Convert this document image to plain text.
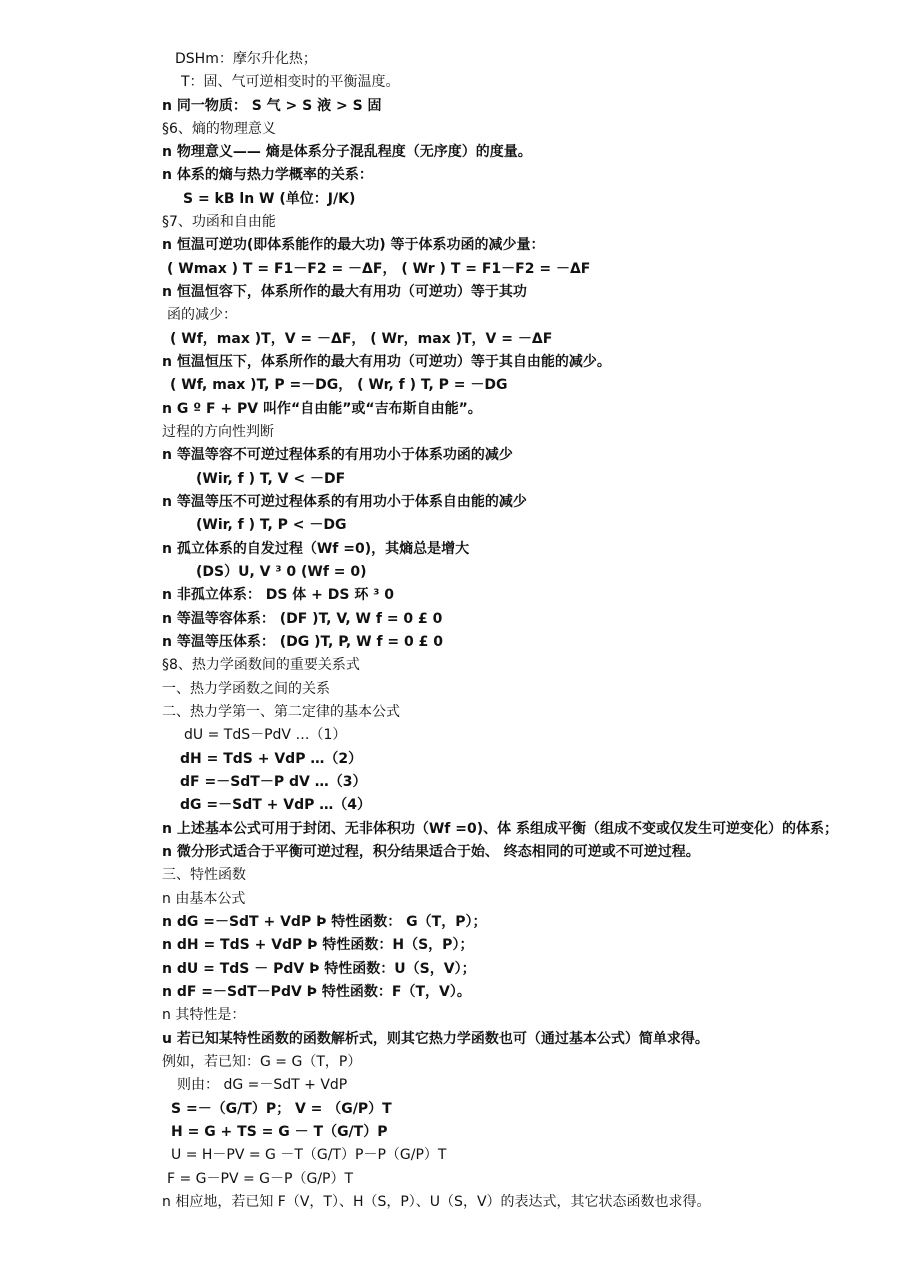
DSHm：摩尔升化热；
T：固、气可逆相变时的平衡温度。
n 同一物质： S 气 > S 液 > S 固
§6、熵的物理意义
n 物理意义—— 熵是体系分子混乱程度（无序度）的度量。
n 体系的熵与热力学概率的关系：
S = kB ln W (单位：J/K)
§7、功函和自由能
n 恒温可逆功(即体系能作的最大功) 等于体系功函的减少量：
( Wmax ) T = F1－F2 = －ΔF， ( Wr ) T = F1－F2 = －ΔF
n 恒温恒容下，体系所作的最大有用功（可逆功）等于其功
函的减少：
( Wf，max )T，V = －ΔF， ( Wr，max )T，V = －ΔF
n 恒温恒压下，体系所作的最大有用功（可逆功）等于其自由能的减少。
( Wf, max )T, P =－DG， ( Wr, f ) T, P = －DG
n G º F + PV 叫作“自由能”或“吉布斯自由能”。
过程的方向性判断
n 等温等容不可逆过程体系的有用功小于体系功函的减少
(Wir, f ) T, V < －DF
n 等温等压不可逆过程体系的有用功小于体系自由能的减少
(Wir, f ) T, P < －DG
n 孤立体系的自发过程（Wf =0)，其熵总是增大
(DS）U, V ³ 0 (Wf = 0)
n 非孤立体系： DS 体 + DS 环 ³ 0
n 等温等容体系： (DF )T, V, W f = 0 £ 0
n 等温等压体系： (DG )T, P, W f = 0 £ 0
§8、热力学函数间的重要关系式
一、热力学函数之间的关系
二、热力学第一、第二定律的基本公式
dU = TdS－PdV …（1）
dH = TdS + VdP …（2）
dF =－SdT－P dV …（3）
dG =－SdT + VdP …（4）
n 上述基本公式可用于封闭、无非体积功（Wf =0)、体 系组成平衡（组成不变或仅发生可逆变化）的体系；
n 微分形式适合于平衡可逆过程，积分结果适合于始、 终态相同的可逆或不可逆过程。
三、特性函数
n 由基本公式
n dG =－SdT + VdP Þ 特性函数： G（T，P）；
n dH = TdS + VdP Þ 特性函数：H（S，P）；
n dU = TdS － PdV Þ 特性函数：U（S，V）；
n dF =－SdT－PdV Þ 特性函数：F（T，V）。
n 其特性是：
u 若已知某特性函数的函数解析式，则其它热力学函数也可（通过基本公式）简单求得。
例如，若已知：G = G（T，P）
则由： dG =－SdT + VdP
S =－（G/T）P； V = （G/P）T
H = G + TS = G － T（G/T）P
U = H－PV = G －T（G/T）P－P（G/P）T
F = G－PV = G－P（G/P）T
n 相应地，若已知 F（V，T）、H（S，P）、U（S，V）的表达式，其它状态函数也求得。
